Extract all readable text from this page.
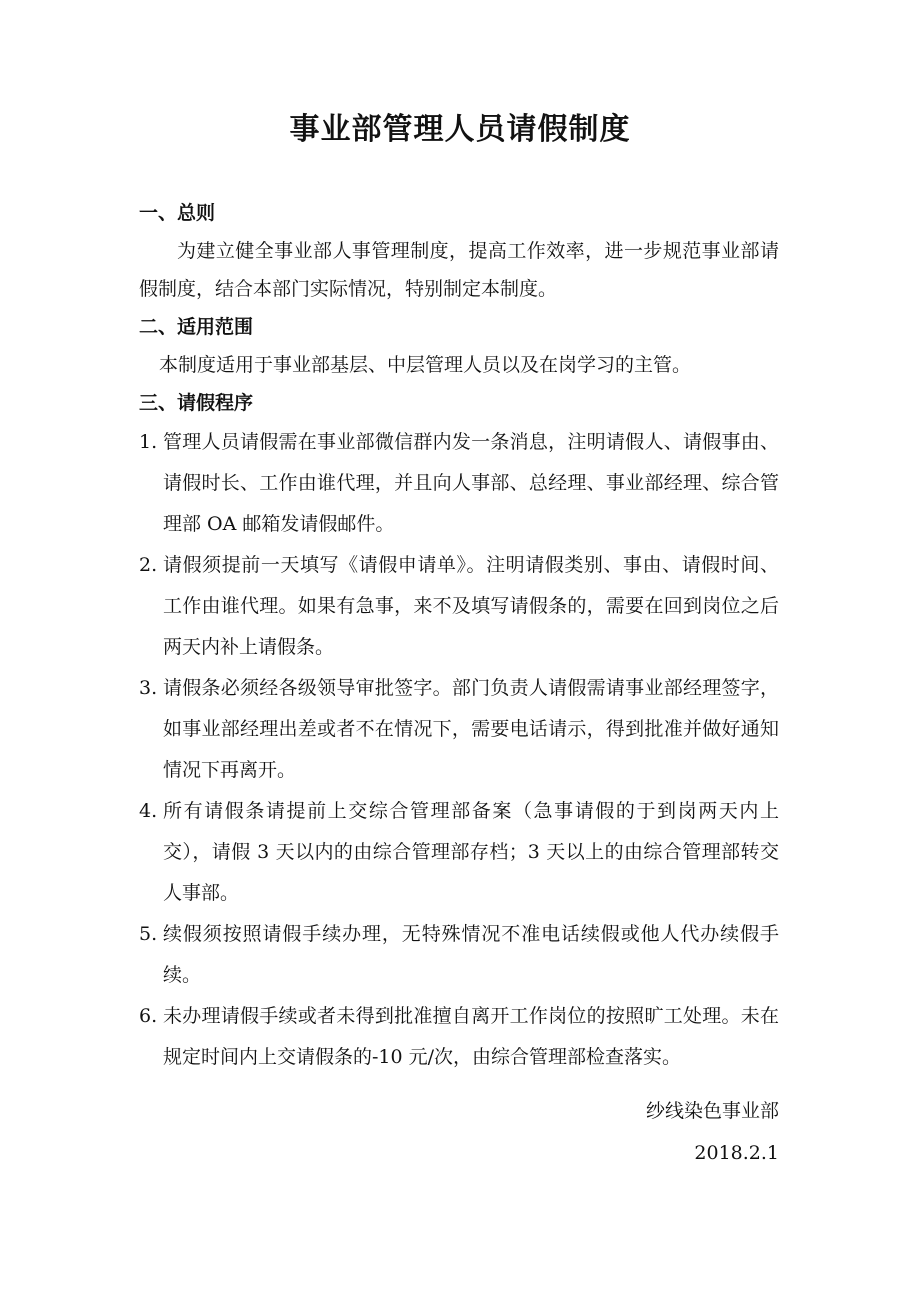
事业部管理人员请假制度
一、总则

为建立健全事业部人事管理制度，提高工作效率，进一步规范事业部请假制度，结合本部门实际情况，特别制定本制度。

二、适用范围

本制度适用于事业部基层、中层管理人员以及在岗学习的主管。

三、请假程序
1. 管理人员请假需在事业部微信群内发一条消息，注明请假人、请假事由、请假时长、工作由谁代理，并且向人事部、总经理、事业部经理、综合管理部 OA 邮箱发请假邮件。
2. 请假须提前一天填写《请假申请单》。注明请假类别、事由、请假时间、工作由谁代理。如果有急事，来不及填写请假条的，需要在回到岗位之后两天内补上请假条。
3. 请假条必须经各级领导审批签字。部门负责人请假需请事业部经理签字，如事业部经理出差或者不在情况下，需要电话请示，得到批准并做好通知情况下再离开。
4. 所有请假条请提前上交综合管理部备案（急事请假的于到岗两天内上交），请假 3 天以内的由综合管理部存档；3 天以上的由综合管理部转交人事部。
5. 续假须按照请假手续办理，无特殊情况不准电话续假或他人代办续假手续。
6. 未办理请假手续或者未得到批准擅自离开工作岗位的按照旷工处理。未在规定时间内上交请假条的-10 元/次，由综合管理部检查落实。
纱线染色事业部
2018.2.1
